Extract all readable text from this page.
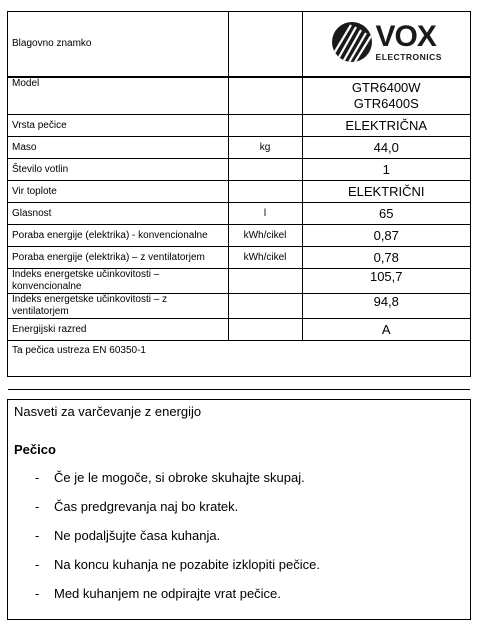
Blagovno znamko		VOX
ELECTRONICS
Model		GTR6400W
GTR6400S
Vrsta pečice		ELEKTRIČNA
Maso	kg	44,0
Število votlin		1
Vir toplote		ELEKTRIČNI
Glasnost	l	65
Poraba energije (elektrika) - konvencionalne	kWh/cikel	0,87
Poraba energije (elektrika) – z ventilatorjem	kWh/cikel	0,78
Indeks energetske učinkovitosti – konvencionalne		105,7
Indeks energetske učinkovitosti – z ventilatorjem		94,8
Energijski razred		A
Ta pečica ustreza EN 60350-1		

Nasveti za varčevanje z energijo

Pečico

-	Če je le mogoče, si obroke skuhajte skupaj.
-	Čas predgrevanja naj bo kratek.
-	Ne podaljšujte časa kuhanja.
-	Na koncu kuhanja ne pozabite izklopiti pečice.
-	Med kuhanjem ne odpirajte vrat pečice.
